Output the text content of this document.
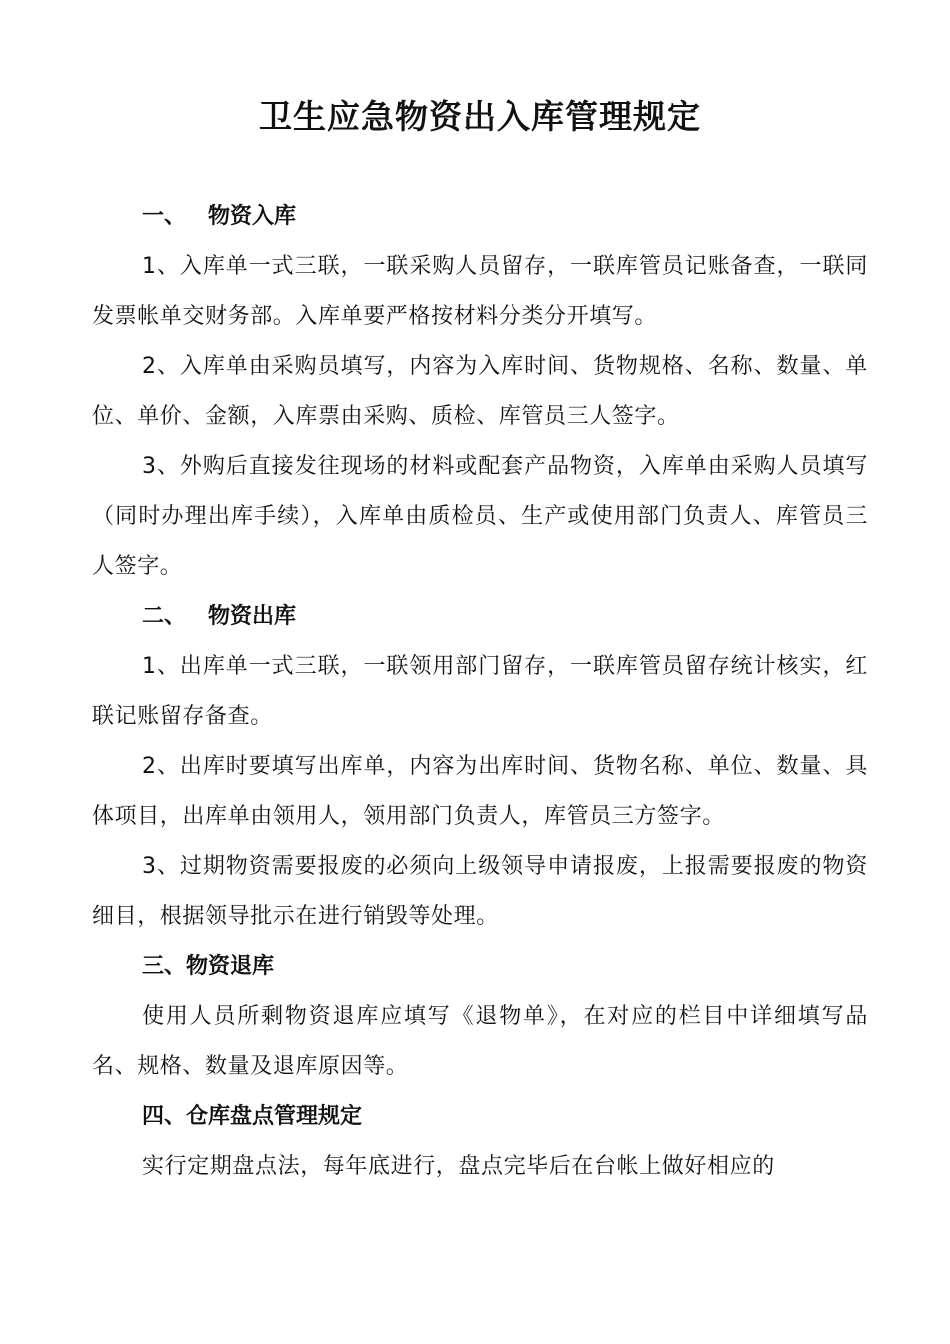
卫生应急物资出入库管理规定
一、 物资入库

1、入库单一式三联，一联采购人员留存，一联库管员记账备查，一联同发票帐单交财务部。入库单要严格按材料分类分开填写。

2、入库单由采购员填写，内容为入库时间、货物规格、名称、数量、单位、单价、金额，入库票由采购、质检、库管员三人签字。

3、外购后直接发往现场的材料或配套产品物资，入库单由采购人员填写（同时办理出库手续），入库单由质检员、生产或使用部门负责人、库管员三人签字。

二、 物资出库

1、出库单一式三联，一联领用部门留存，一联库管员留存统计核实，红联记账留存备查。

2、出库时要填写出库单，内容为出库时间、货物名称、单位、数量、具体项目，出库单由领用人，领用部门负责人，库管员三方签字。

3、过期物资需要报废的必须向上级领导申请报废，上报需要报废的物资细目，根据领导批示在进行销毁等处理。

三、物资退库

使用人员所剩物资退库应填写《退物单》，在对应的栏目中详细填写品名、规格、数量及退库原因等。

四、仓库盘点管理规定

实行定期盘点法，每年底进行，盘点完毕后在台帐上做好相应的
